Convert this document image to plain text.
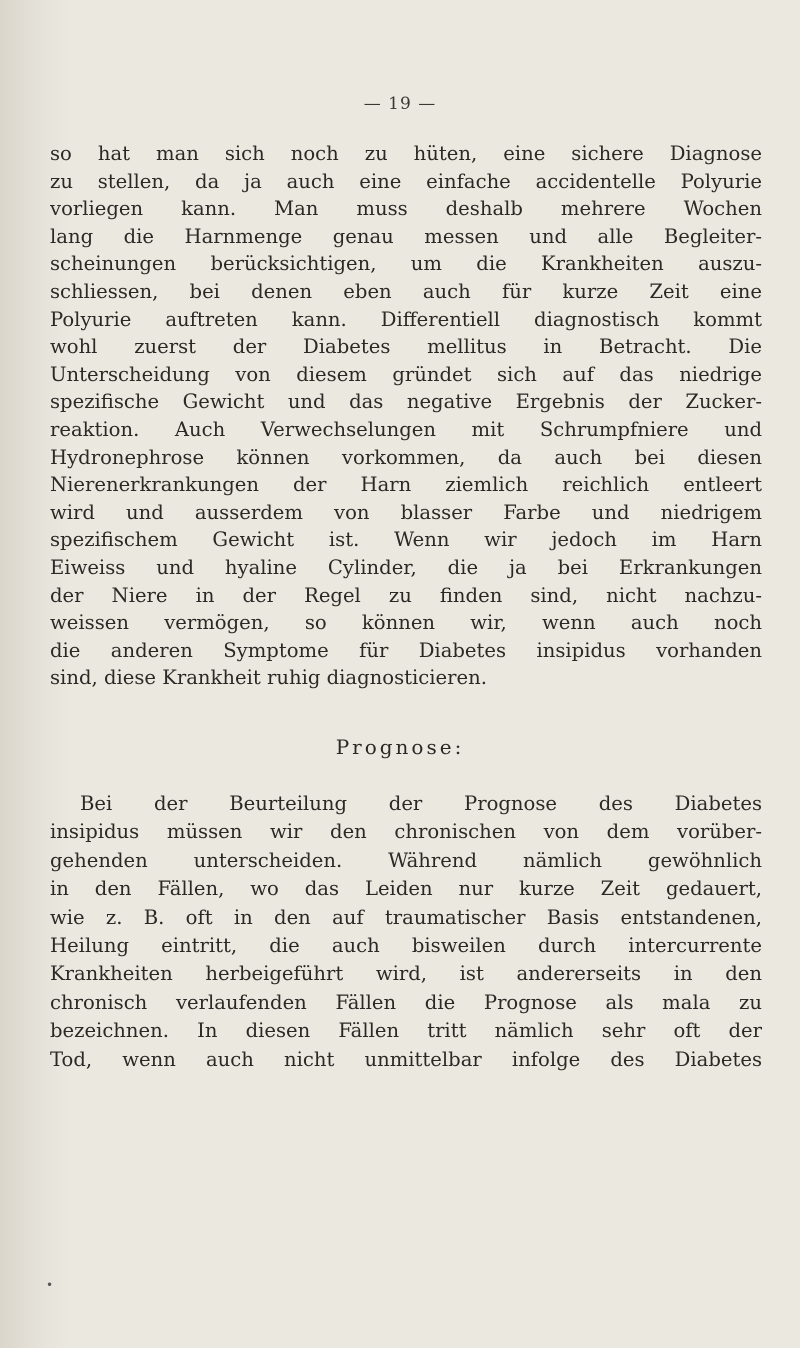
— 19 —
so hat man sich noch zu hüten, eine sichere Diagnose
zu stellen, da ja auch eine einfache accidentelle Polyurie
vorliegen kann. Man muss deshalb mehrere Wochen
lang die Harnmenge genau messen und alle Begleiter-
scheinungen berücksichtigen, um die Krankheiten auszu-
schliessen, bei denen eben auch für kurze Zeit eine
Polyurie auftreten kann. Differentiell diagnostisch kommt
wohl zuerst der Diabetes mellitus in Betracht. Die
Unterscheidung von diesem gründet sich auf das niedrige
spezifische Gewicht und das negative Ergebnis der Zucker-
reaktion. Auch Verwechselungen mit Schrumpfniere und
Hydronephrose können vorkommen, da auch bei diesen
Nierenerkrankungen der Harn ziemlich reichlich entleert
wird und ausserdem von blasser Farbe und niedrigem
spezifischem Gewicht ist. Wenn wir jedoch im Harn
Eiweiss und hyaline Cylinder, die ja bei Erkrankungen
der Niere in der Regel zu finden sind, nicht nachzu-
weissen vermögen, so können wir, wenn auch noch
die anderen Symptome für Diabetes insipidus vorhanden
sind, diese Krankheit ruhig diagnosticieren.
Prognose:
Bei der Beurteilung der Prognose des Diabetes
insipidus müssen wir den chronischen von dem vorüber-
gehenden unterscheiden. Während nämlich gewöhnlich
in den Fällen, wo das Leiden nur kurze Zeit gedauert,
wie z. B. oft in den auf traumatischer Basis entstandenen,
Heilung eintritt, die auch bisweilen durch intercurrente
Krankheiten herbeigeführt wird, ist andererseits in den
chronisch verlaufenden Fällen die Prognose als mala zu
bezeichnen. In diesen Fällen tritt nämlich sehr oft der
Tod, wenn auch nicht unmittelbar infolge des Diabetes
•
